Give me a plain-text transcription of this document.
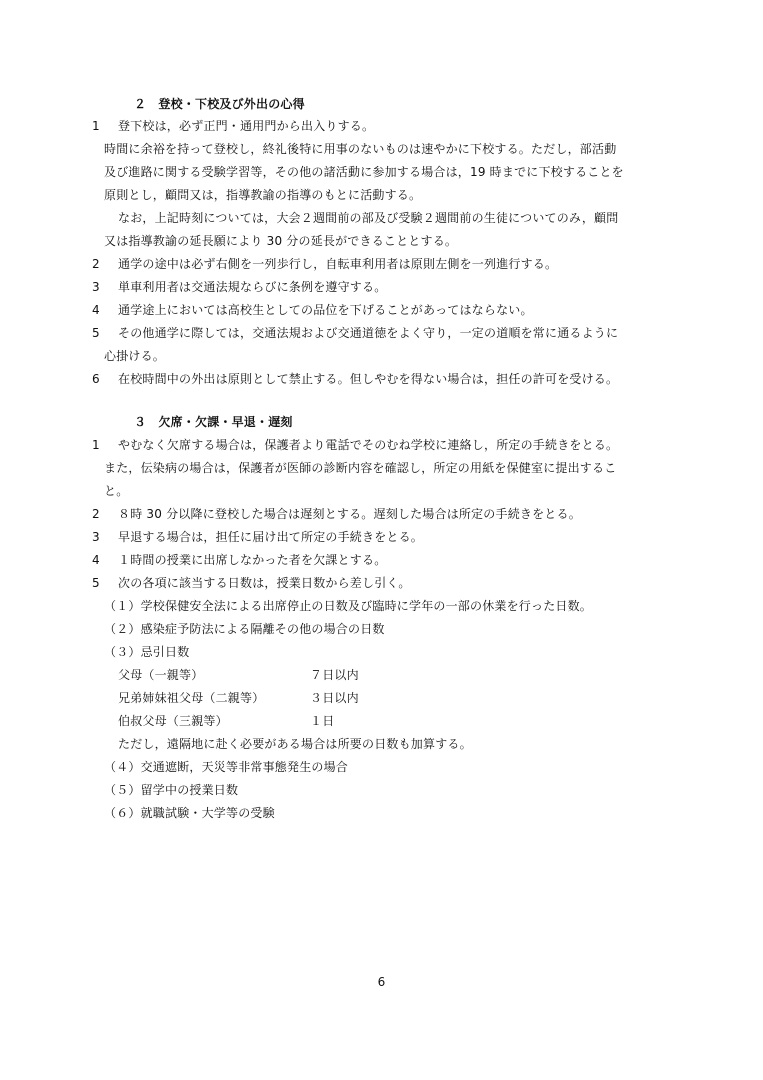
２　登校・下校及び外出の心得
1 登下校は，必ず正門・通用門から出入りする。
時間に余裕を持って登校し，終礼後特に用事のないものは速やかに下校する。ただし，部活動
及び進路に関する受験学習等，その他の諸活動に参加する場合は，19 時までに下校することを
原則とし，顧問又は，指導教諭の指導のもとに活動する。
なお，上記時刻については，大会２週間前の部及び受験２週間前の生徒についてのみ，顧問
又は指導教諭の延長願により 30 分の延長ができることとする。
2 通学の途中は必ず右側を一列歩行し，自転車利用者は原則左側を一列進行する。
3 単車利用者は交通法規ならびに条例を遵守する。
4 通学途上においては高校生としての品位を下げることがあってはならない。
5 その他通学に際しては，交通法規および交通道徳をよく守り，一定の道順を常に通るように
心掛ける。
6 在校時間中の外出は原則として禁止する。但しやむを得ない場合は，担任の許可を受ける。
３　欠席・欠課・早退・遅刻
1 やむなく欠席する場合は，保護者より電話でそのむね学校に連絡し，所定の手続きをとる。
また，伝染病の場合は，保護者が医師の診断内容を確認し，所定の用紙を保健室に提出するこ
と。
2 ８時 30 分以降に登校した場合は遅刻とする。遅刻した場合は所定の手続きをとる。
3 早退する場合は，担任に届け出て所定の手続きをとる。
4 １時間の授業に出席しなかった者を欠課とする。
5 次の各項に該当する日数は，授業日数から差し引く。
（１）学校保健安全法による出席停止の日数及び臨時に学年の一部の休業を行った日数。
（２）感染症予防法による隔離その他の場合の日数
（３）忌引日数
父母（一親等）	７日以内
兄弟姉妹祖父母（二親等）	３日以内
伯叔父母（三親等）	１日
ただし，遠隔地に赴く必要がある場合は所要の日数も加算する。
（４）交通遮断，天災等非常事態発生の場合
（５）留学中の授業日数
（６）就職試験・大学等の受験
6
